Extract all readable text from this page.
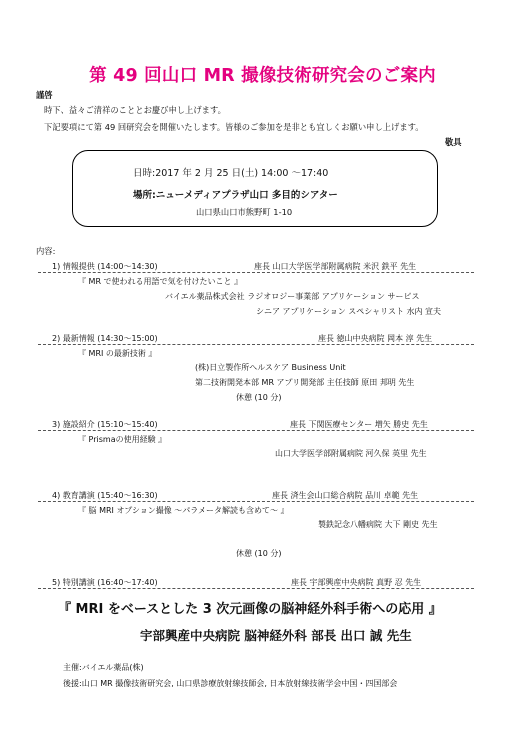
第 49 回山口 MR 撮像技術研究会のご案内
謹啓
時下、益々ご清祥のこととお慶び申し上げます。
下記要項にて第 49 回研究会を開催いたします。皆様のご参加を是非とも宜しくお願い申し上げます。
敬具
日時:2017 年 2 月 25 日(土) 14:00 〜17:40
場所:ニューメディアプラザ山口 多目的シアター
山口県山口市熊野町 1-10
内容:
1) 情報提供 (14:00〜14:30)	座長 山口大学医学部附属病院 米沢 鉄平 先生
『 MR で使われる用語で気を付けたいこと 』
バイエル薬品株式会社 ラジオロジー事業部 アプリケーション サービス
シニア アプリケーション スペシャリスト 水内 宣夫
2) 最新情報 (14:30〜15:00)	座長 徳山中央病院 岡本 淳 先生
『 MRI の最新技術 』
(株)日立製作所ヘルスケア Business Unit
第二技術開発本部 MR アプリ開発部 主任技師 原田 邦明 先生
休憩 (10 分)
3) 施設紹介 (15:10〜15:40)	座長 下関医療センター 増矢 勝史 先生
『 Prismaの使用経験 』
山口大学医学部附属病院 河久保 英里 先生
4) 教育講演 (15:40〜16:30)	座長 済生会山口総合病院 品川 卓範 先生
『 脳 MRI オプション撮像 〜パラメータ解読も含めて〜 』
製鉄記念八幡病院 大下 剛史 先生
休憩 (10 分)
5) 特別講演 (16:40〜17:40)	座長 宇部興産中央病院 真野 忍 先生
『 MRI をベースとした 3 次元画像の脳神経外科手術への応用 』
宇部興産中央病院 脳神経外科 部長 出口 誠 先生
主催:バイエル薬品(株)
後援:山口 MR 撮像技術研究会, 山口県診療放射線技師会, 日本放射線技術学会中国・四国部会
